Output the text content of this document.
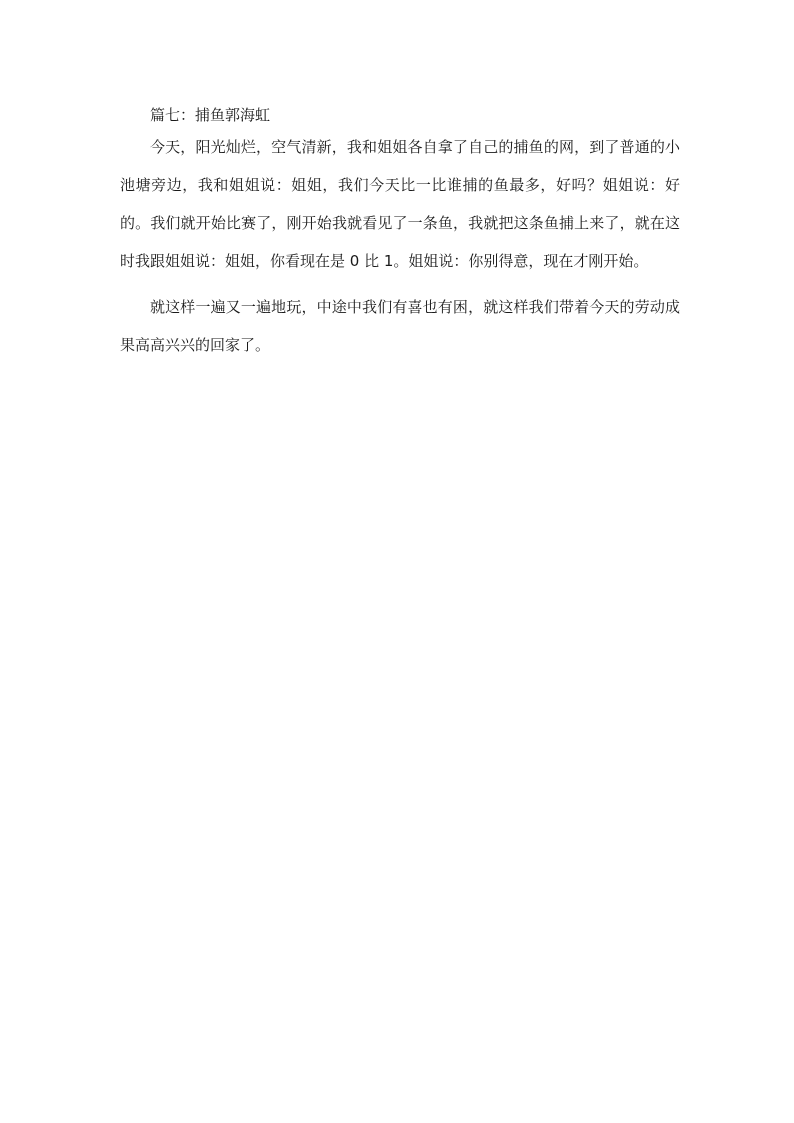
篇七：捕鱼郭海虹

今天，阳光灿烂，空气清新，我和姐姐各自拿了自己的捕鱼的网，到了普通的小池塘旁边，我和姐姐说：姐姐，我们今天比一比谁捕的鱼最多，好吗？姐姐说：好的。我们就开始比赛了，刚开始我就看见了一条鱼，我就把这条鱼捕上来了，就在这时我跟姐姐说：姐姐，你看现在是 0 比 1。姐姐说：你别得意，现在才刚开始。

就这样一遍又一遍地玩，中途中我们有喜也有困，就这样我们带着今天的劳动成果高高兴兴的回家了。
